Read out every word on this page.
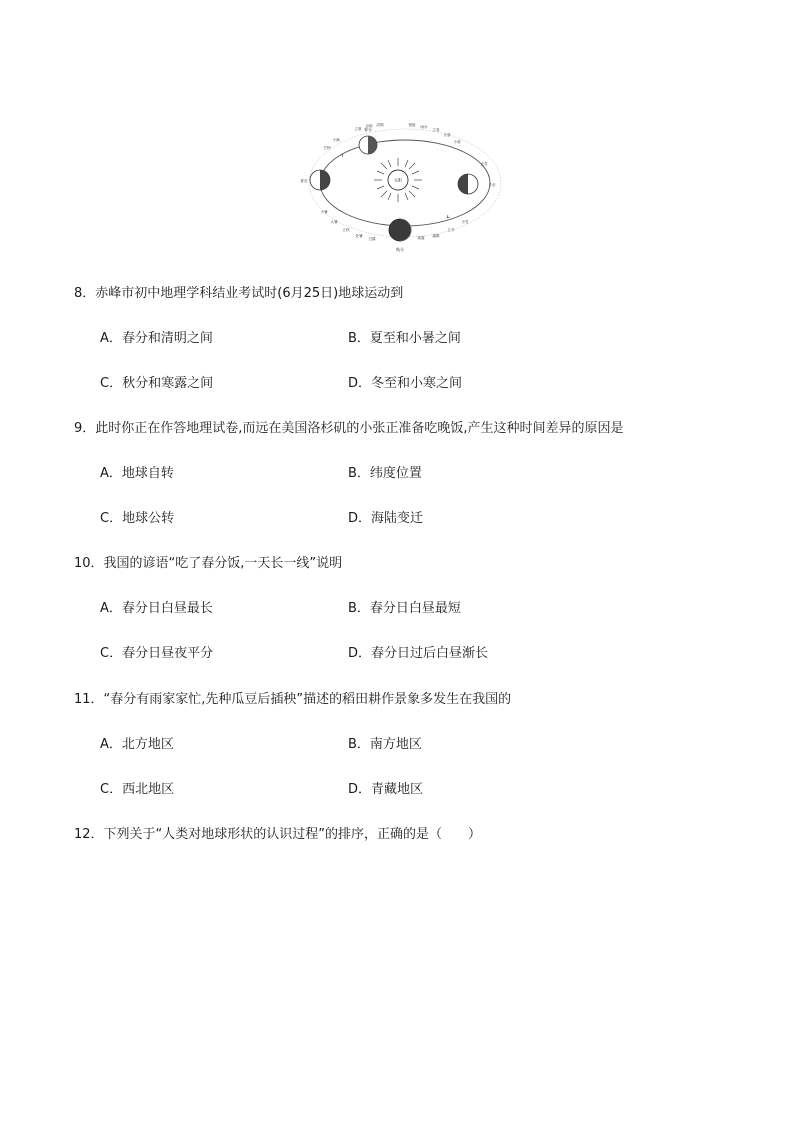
太阳
立夏
谷雨 清明
小满
芒种
夏至
春分
惊蛰 雨水
立春
大寒
小寒
大雪
冬至
小暑
大暑
立秋
处暑
白露
秋分
寒露 霜降
立冬
小雪
8．赤峰市初中地理学科结业考试时(6月25日)地球运动到
A．春分和清明之间	B．夏至和小暑之间
C．秋分和寒露之间	D．冬至和小寒之间
9．此时你正在作答地理试卷,而远在美国洛杉矶的小张正准备吃晚饭,产生这种时间差异的原因是
A．地球自转	B．纬度位置
C．地球公转	D．海陆变迁
10．我国的谚语“吃了春分饭,一天长一线”说明
A．春分日白昼最长	B．春分日白昼最短
C．春分日昼夜平分	D．春分日过后白昼渐长
11．“春分有雨家家忙,先种瓜豆后插秧”描述的稻田耕作景象多发生在我国的
A．北方地区	B．南方地区
C．西北地区	D．青藏地区
12．下列关于“人类对地球形状的认识过程”的排序，正确的是（　　）
